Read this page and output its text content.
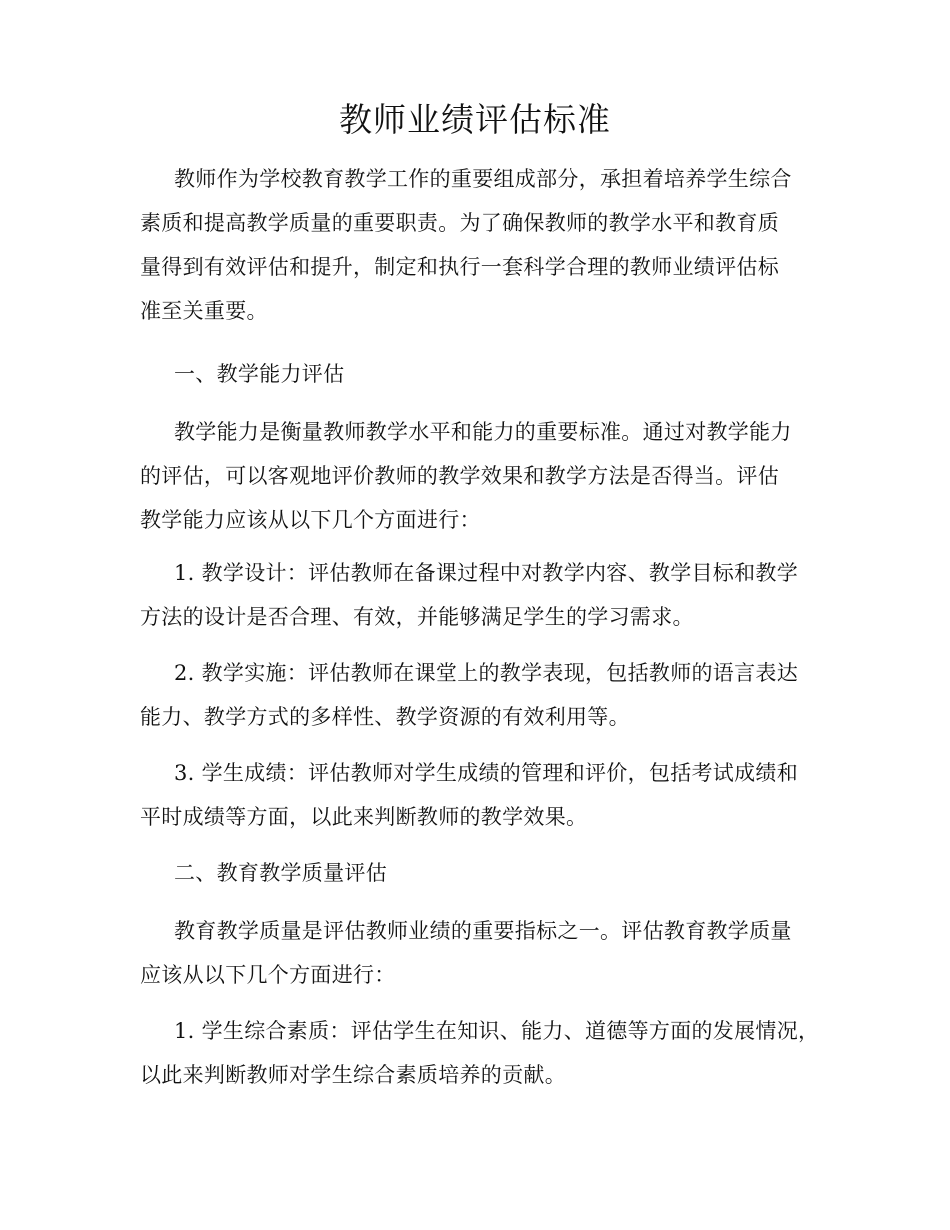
教师业绩评估标准
教师作为学校教育教学工作的重要组成部分，承担着培养学生综合
素质和提高教学质量的重要职责。为了确保教师的教学水平和教育质
量得到有效评估和提升，制定和执行一套科学合理的教师业绩评估标
准至关重要。
一、教学能力评估
教学能力是衡量教师教学水平和能力的重要标准。通过对教学能力
的评估，可以客观地评价教师的教学效果和教学方法是否得当。评估
教学能力应该从以下几个方面进行：
1. 教学设计：评估教师在备课过程中对教学内容、教学目标和教学
方法的设计是否合理、有效，并能够满足学生的学习需求。
2. 教学实施：评估教师在课堂上的教学表现，包括教师的语言表达
能力、教学方式的多样性、教学资源的有效利用等。
3. 学生成绩：评估教师对学生成绩的管理和评价，包括考试成绩和
平时成绩等方面，以此来判断教师的教学效果。
二、教育教学质量评估
教育教学质量是评估教师业绩的重要指标之一。评估教育教学质量
应该从以下几个方面进行：
1. 学生综合素质：评估学生在知识、能力、道德等方面的发展情况，
以此来判断教师对学生综合素质培养的贡献。
